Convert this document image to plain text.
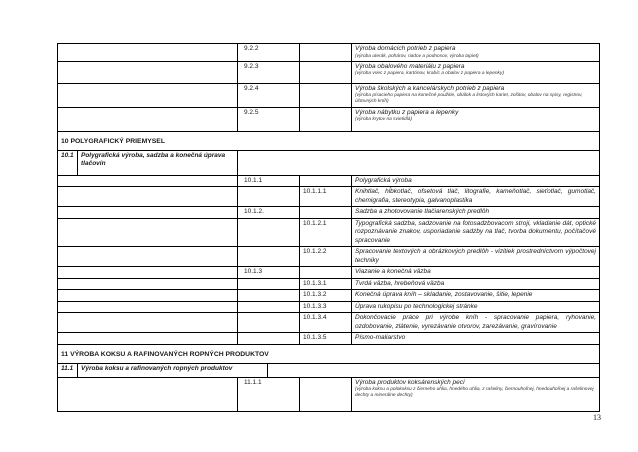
		9.2.2			Výroba domácich potrieb z papiera
(výroba uterák, pohárov, riadov a podnosov, výroba tapiet)

		9.2.3			Výroba obalového materiálu z papiera
(výroba vriec z papiera, kartónov, krabíc a obalov z papiera a lepenky)

		9.2.4			Výroba školských a kancelárskych potrieb z papiera
(výroba písacieho papiera na konečné použitie, obálok a listových kariet, zošitov, obalov na spisy, registrov, účtovných kníh)

		9.2.5			Výroba nábytku z papiera a lepenky
(výroba krytov na svietidlá)

10 POLYGRAFICKÝ PRIEMYSEL					
10.1	Polygrafická výroba, sadzba a konečná úprava tlačovín				
		10.1.1			Polygrafická výroba
				10.1.1.1	Knihtlač, hĺbkotlač, ofsetová tlač, litografie, kameňotlač, sieťotlač, gumotlač, chemigrafia, stereotypia, galvanoplastika
		10.1.2.			Sadzba a zhotovovanie tlačiarenských predlôh
				10.1.2.1	Typografická sadzba, sadzovanie na fotosadzbovacom stroji, vkladanie dát, optické rozpoznávanie znakov, usporiadanie sadzby na tlač, tvorba dokumentu, počítačové spracovanie
				10.1.2.2	Spracovanie textových a obrázkových predlôh - vizitiek prostredníctvom výpočtovej techniky
		10.1.3			Viazanie a konečná väzba
				10.1.3.1	Tvrdá väzba, hrebeňová väzba
				10.1.3.2	Konečná úprava kníh – skladanie, zostavovanie, šitie, lepenie
				10.1.3.3	Úprava rukopisu po technologickej stránke
				10.1.3.4	Dokončovacie práce pri výrobe kníh - spracovanie papiera, ryhovanie, ozdobovanie, zlátenie, vyrezávanie otvorov, zarezávanie, gravírovanie
				10.1.3.5	Písmo-maliarstvo
11 VÝROBA KOKSU A RAFINOVANÝCH ROPNÝCH PRODUKTOV					
11.1	Výroba koksu a rafinovaných ropných produktov				
		11.1.1			Výroba produktov koksárenských pecí
(výroba koksu a polokoksu z čierneho uhlia, hnedého uhlia, z rašeliny, čiernouhoľnej, hnedouhoľnej a rašelinovej dechty a minerálne dechty)
13
